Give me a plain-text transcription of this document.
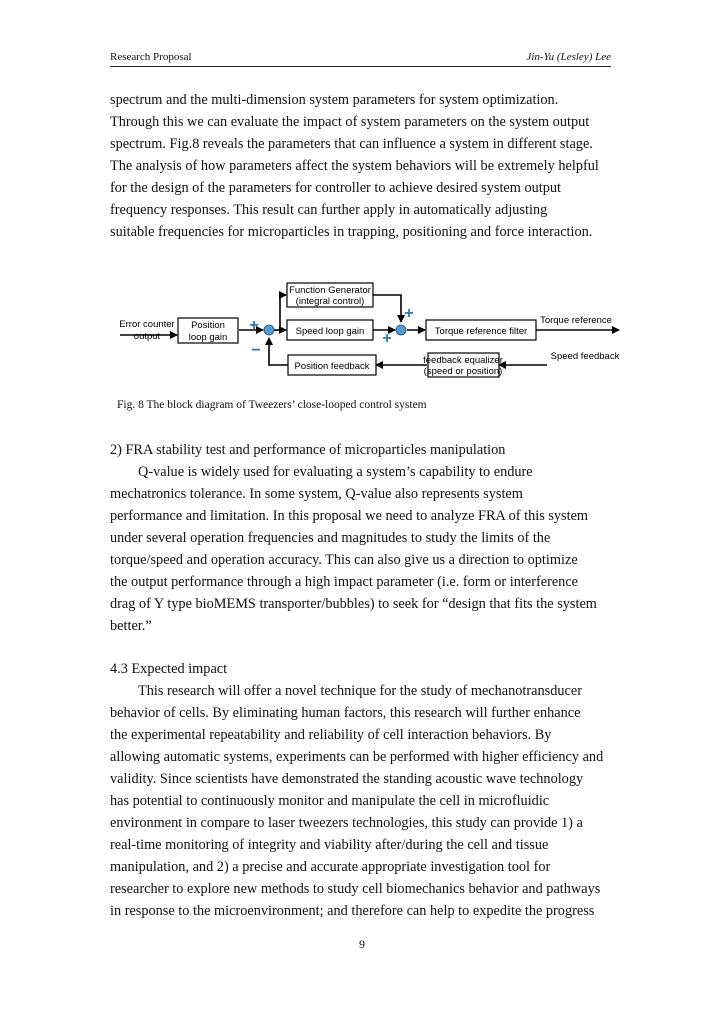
Research Proposal	Jin-Yu (Lesley) Lee
spectrum and the multi-dimension system parameters for system optimization.
Through this we can evaluate the impact of system parameters on the system output
spectrum. Fig.8 reveals the parameters that can influence a system in different stage.
The analysis of how parameters affect the system behaviors will be extremely helpful
for the design of the parameters for controller to achieve desired system output
frequency responses. This result can further apply in automatically adjusting
suitable frequencies for microparticles in trapping, positioning and force interaction.
Error counter
output
Position
loop gain
Function Generator
(integral control)
Speed loop gain	Torque reference filter
Torque reference
Position feedback
feedback equalizer
(speed or position)
Speed feedback
+
−
+
+
Fig. 8 The block diagram of Tweezers’ close-looped control system
2) FRA stability test and performance of microparticles manipulation
Q-value is widely used for evaluating a system’s capability to endure
mechatronics tolerance. In some system, Q-value also represents system
performance and limitation. In this proposal we need to analyze FRA of this system
under several operation frequencies and magnitudes to study the limits of the
torque/speed and operation accuracy. This can also give us a direction to optimize
the output performance through a high impact parameter (i.e. form or interference
drag of Y type bioMEMS transporter/bubbles) to seek for “design that fits the system
better.”
4.3 Expected impact
This research will offer a novel technique for the study of mechanotransducer
behavior of cells. By eliminating human factors, this research will further enhance
the experimental repeatability and reliability of cell interaction behaviors. By
allowing automatic systems, experiments can be performed with higher efficiency and
validity. Since scientists have demonstrated the standing acoustic wave technology
has potential to continuously monitor and manipulate the cell in microfluidic
environment in compare to laser tweezers technologies, this study can provide 1) a
real-time monitoring of integrity and viability after/during the cell and tissue
manipulation, and 2) a precise and accurate appropriate investigation tool for
researcher to explore new methods to study cell biomechanics behavior and pathways
in response to the microenvironment; and therefore can help to expedite the progress
9
